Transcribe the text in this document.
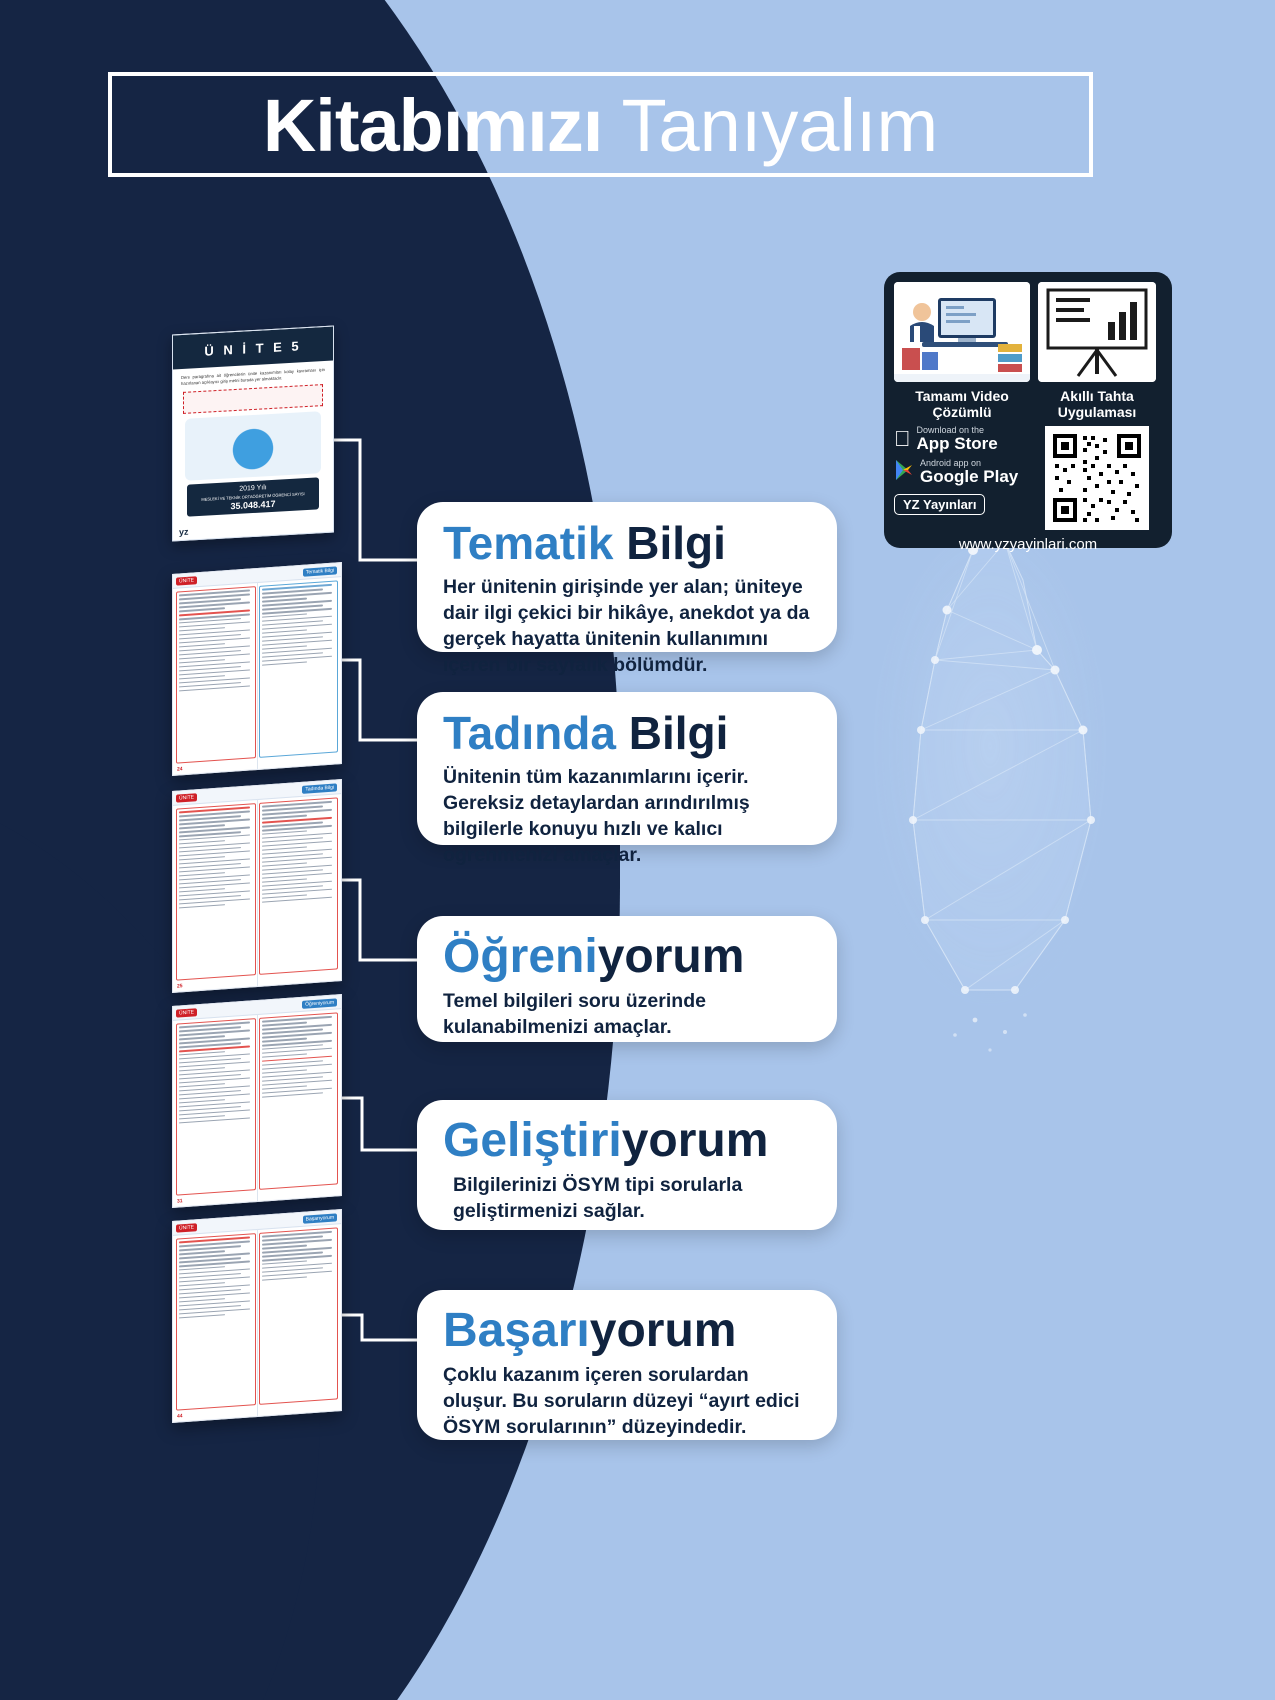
Kitabımızı Tanıyalım
Ü N İ T E 5
Ders paragrafına ait öğrencilerin ünite kazanımları kolay kavraması için hazırlanan açıklayıcı giriş metni burada yer almaktadır.
2019 Yılı
MESLEKİ VE TEKNİK ORTAÖĞRETİM ÖĞRENCİ SAYISI
35.048.417
yz
ÜNİTE
Tematik Bilgi
24
ÜNİTE
Tadında Bilgi
25
ÜNİTE
Öğreniyorum
31
ÜNİTE
Başarıyorum
44
Tematik Bilgi

Her ünitenin girişinde yer alan; üniteye dair ilgi çekici bir hikâye, anekdot ya da gerçek hayatta ünitenin kullanımını içeren bir sayfalık bölümdür.

Tadında Bilgi

Ünitenin tüm kazanımlarını içerir. Gereksiz detaylardan arındırılmış bilgilerle konuyu hızlı ve kalıcı öğrenmenizi amaçlar.

Öğreniyorum

Temel bilgileri soru üzerinde kulanabilmenizi amaçlar.

Geliştiriyorum

Bilgilerinizi ÖSYM tipi sorularla geliştirmenizi sağlar.

Başarıyorum

Çoklu kazanım içeren sorulardan oluşur. Bu soruların düzeyi “ayırt edici ÖSYM sorularının” düzeyindedir.

Tamamı Video
Çözümlü
Download on the
App Store
Android app on
Google Play
YZ Yayınları
Akıllı Tahta
Uygulaması
www.yzyayinlari.com
